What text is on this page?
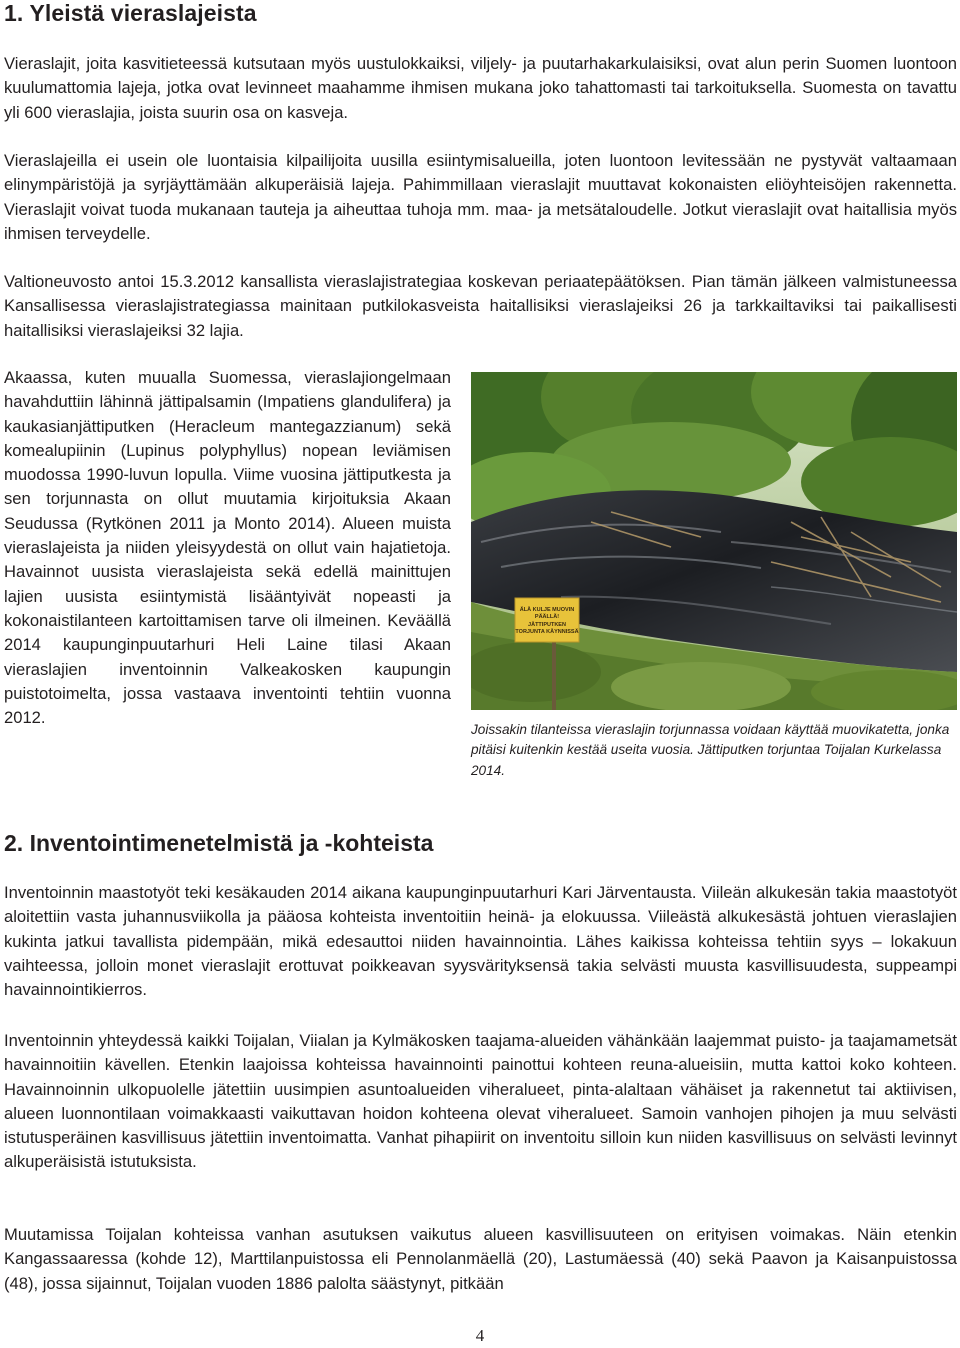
1. Yleistä vieraslajeista

Vieraslajit, joita kasvitieteessä kutsutaan myös uustulokkaiksi, viljely- ja puutarhakarkulaisiksi, ovat alun perin Suomen luontoon kuulumattomia lajeja, jotka ovat levinneet maahamme ihmisen mukana joko tahattomasti tai tarkoituksella. Suomesta on tavattu yli 600 vieraslajia, joista suurin osa on kasveja.

Vieraslajeilla ei usein ole luontaisia kilpailijoita uusilla esiintymisalueilla, joten luontoon levitessään ne pystyvät valtaamaan elinympäristöjä ja syrjäyttämään alkuperäisiä lajeja. Pahimmillaan vieraslajit muuttavat kokonaisten eliöyhteisöjen rakennetta. Vieraslajit voivat tuoda mukanaan tauteja ja aiheuttaa tuhoja mm. maa- ja metsätaloudelle. Jotkut vieraslajit ovat haitallisia myös ihmisen terveydelle.

Valtioneuvosto antoi 15.3.2012 kansallista vieraslajistrategiaa koskevan periaatepäätöksen. Pian tämän jälkeen valmistuneessa Kansallisessa vieraslajistrategiassa mainitaan putkilokasveista haitallisiksi vieraslajeiksi 26 ja tarkkailtaviksi tai paikallisesti haitallisiksi vieraslajeiksi 32 lajia.

Akaassa, kuten muualla Suomessa, vieraslajiongelmaan havahduttiin lähinnä jättipalsamin (Impatiens glandulifera) ja kaukasianjättiputken (Heracleum mantegazzianum) sekä komealupiinin (Lupinus polyphyllus) nopean leviämisen muodossa 1990-luvun lopulla. Viime vuosina jättiputkesta ja sen torjunnasta on ollut muutamia kirjoituksia Akaan Seudussa (Rytkönen 2011 ja Monto 2014). Alueen muista vieraslajeista ja niiden yleisyydestä on ollut vain hajatietoja. Havainnot uusista vieraslajeista sekä edellä mainittujen lajien uusista esiintymistä lisääntyivät nopeasti ja kokonaistilanteen kartoittamisen tarve oli ilmeinen. Keväällä 2014 kaupunginpuutarhuri Heli Laine tilasi Akaan vieraslajien inventoinnin Valkeakosken kaupungin puistotoimelta, jossa vastaava inventointi tehtiin vuonna 2012.

ÄLÄ KULJE MUOVIN
PÄÄLLÄ!
JÄTTIPUTKEN
TORJUNTA KÄYNNISSÄ

Joissakin tilanteissa vieraslajin torjunnassa voidaan käyttää muovikatetta, jonka pitäisi kuitenkin kestää useita vuosia. Jättiputken torjuntaa Toijalan Kurkelassa 2014.

2. Inventointimenetelmistä ja -kohteista

Inventoinnin maastotyöt teki kesäkauden 2014 aikana kaupunginpuutarhuri Kari Järventausta. Viileän alkukesän takia maastotyöt aloitettiin vasta juhannusviikolla ja pääosa kohteista inventoitiin heinä- ja elokuussa. Viileästä alkukesästä johtuen vieraslajien kukinta jatkui tavallista pidempään, mikä edesauttoi niiden havainnointia. Lähes kaikissa kohteissa tehtiin syys – lokakuun vaihteessa, jolloin monet vieraslajit erottuvat poikkeavan syysvärityksensä takia selvästi muusta kasvillisuudesta, suppeampi havainnointikierros.

Inventoinnin yhteydessä kaikki Toijalan, Viialan ja Kylmäkosken taajama-alueiden vähänkään laajemmat puisto- ja taajamametsät havainnoitiin kävellen. Etenkin laajoissa kohteissa havainnointi painottui kohteen reuna-alueisiin, mutta kattoi koko kohteen. Havainnoinnin ulkopuolelle jätettiin uusimpien asuntoalueiden viheralueet, pinta-alaltaan vähäiset ja rakennetut tai aktiivisen, alueen luonnontilaan voimakkaasti vaikuttavan hoidon kohteena olevat viheralueet. Samoin vanhojen pihojen ja muu selvästi istutusperäinen kasvillisuus jätettiin inventoimatta. Vanhat pihapiirit on inventoitu silloin kun niiden kasvillisuus on selvästi levinnyt alkuperäisistä istutuksista.

Muutamissa Toijalan kohteissa vanhan asutuksen vaikutus alueen kasvillisuuteen on erityisen voimakas. Näin etenkin Kangassaaressa (kohde 12), Marttilanpuistossa eli Pennolanmäellä (20), Lastumäessä (40) sekä Paavon ja Kaisanpuistossa (48), jossa sijainnut, Toijalan vuoden 1886 palolta säästynyt, pitkään

4
